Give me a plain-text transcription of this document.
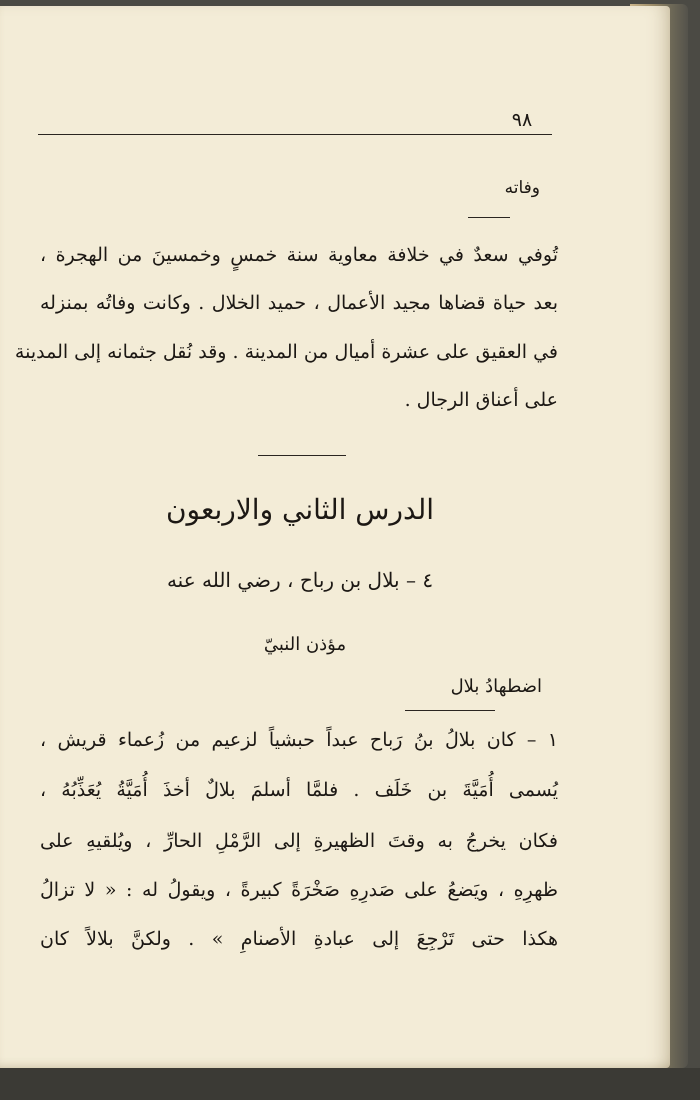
٩٨
وفاته
تُوفي سعدٌ في خلافة معاوية سنة خمسٍ وخمسينَ من الهجرة ،
بعد حياة قضاها مجيد الأعمال ، حميد الخلال . وكانت وفاتُه بمنزله
في العقيق على عشرة أميال من المدينة . وقد نُقل جثمانه إلى المدينة
على أعناق الرجال .
الدرس الثاني والاربعون
٤ – بلال بن رباح ، رضي الله عنه
مؤذن النبيّ
اضطهادُ بلال
١ – كان بلالُ بنُ رَباح عبداً حبشياً لزعيم من زُعماء قريش ،
يُسمى أُمَيَّةَ بن خَلَف . فلمَّا أسلمَ بلالٌ أخذَ أُمَيَّةُ يُعَذِّبُهُ ،
فكان يخرجُ به وقتَ الظهيرةِ إلى الرَّمْلِ الحارِّ ، ويُلقيهِ على
ظهرِهِ ، ويَضعُ على صَدرِهِ صَخْرَةً كبيرةً ، ويقولُ له : « لا تزالُ
هكذا حتى تَرْجِعَ إلى عبادةِ الأصنامِ » . ولكنَّ بلالاً كان
